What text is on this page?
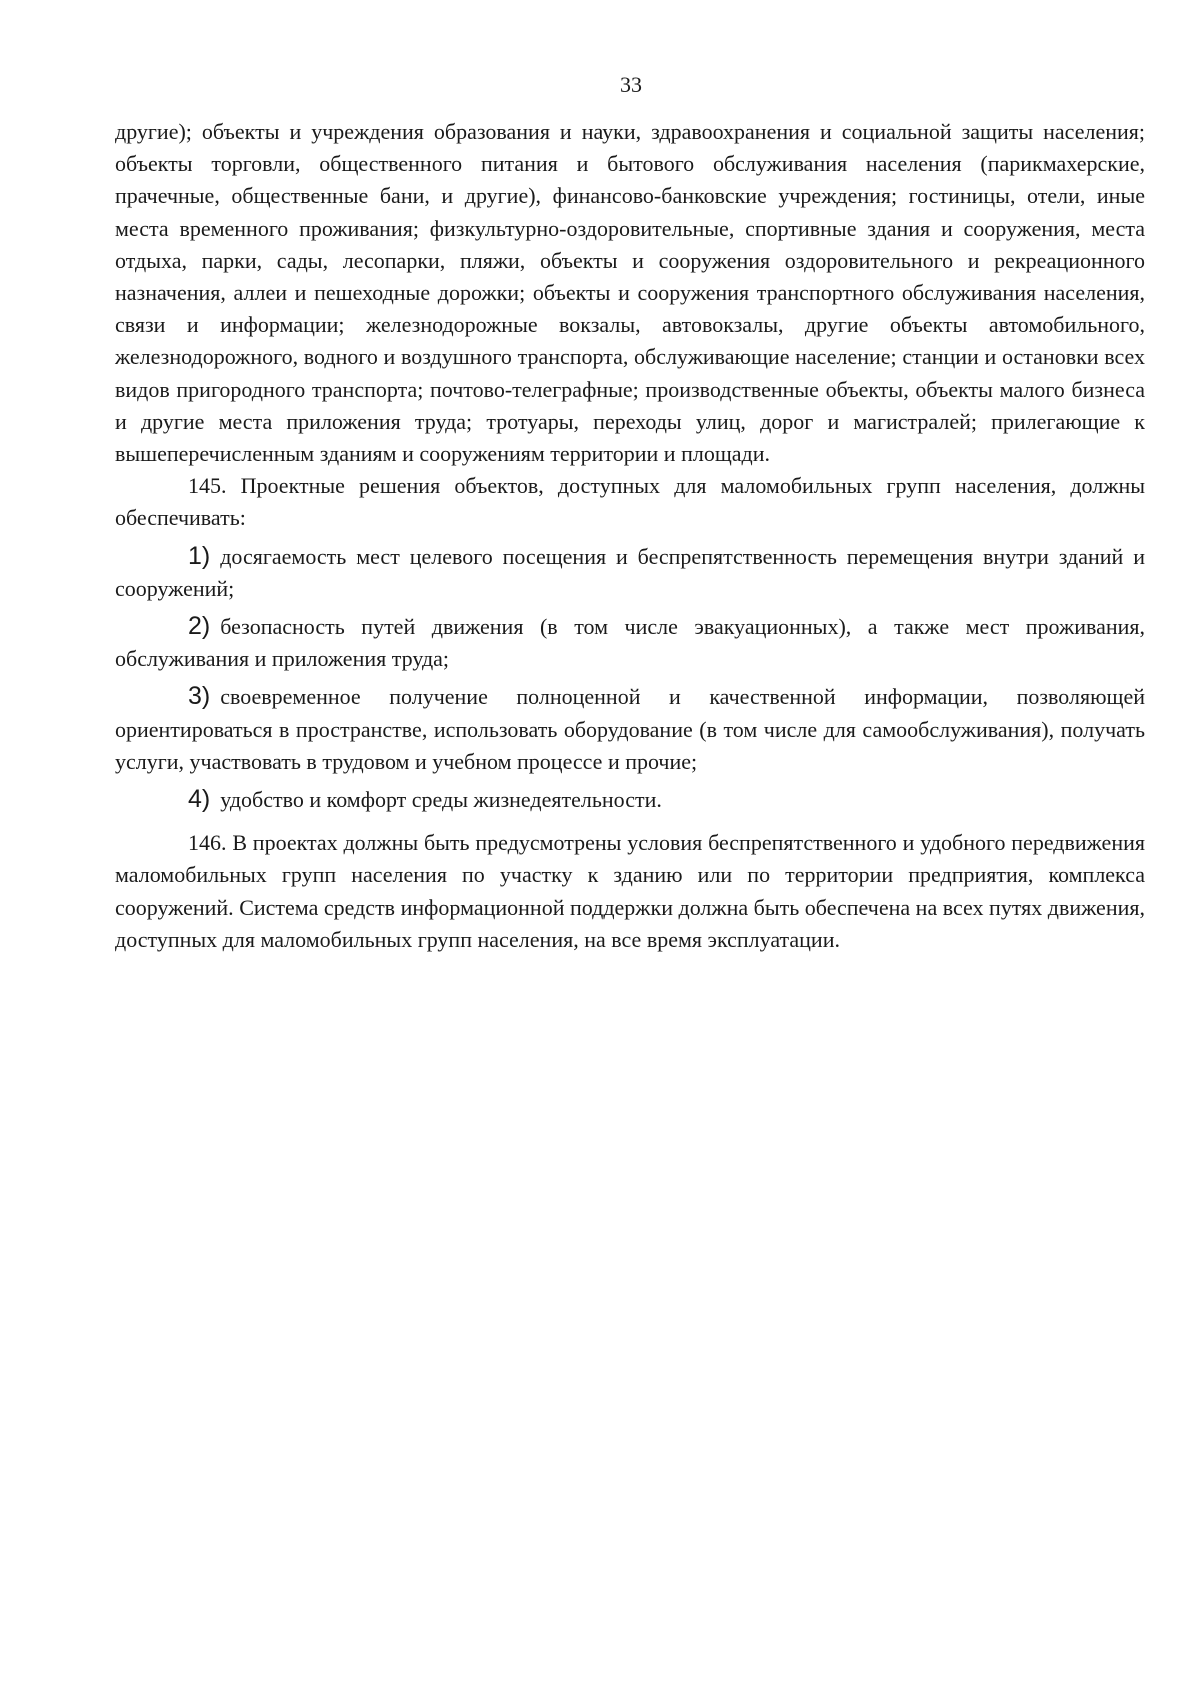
33

другие); объекты и учреждения образования и науки, здравоохранения и социальной защиты населения; объекты торговли, общественного питания и бытового обслуживания населения (парикмахерские, прачечные, общественные бани, и другие), финансово-банковские учреждения; гостиницы, отели, иные места временного проживания; физкультурно-оздоровительные, спортивные здания и сооружения, места отдыха, парки, сады, лесопарки, пляжи, объекты и сооружения оздоровительного и рекреационного назначения, аллеи и пешеходные дорожки; объекты и сооружения транспортного обслуживания населения, связи и информации; железнодорожные вокзалы, автовокзалы, другие объекты автомобильного, железнодорожного, водного и воздушного транспорта, обслуживающие население; станции и остановки всех видов пригородного транспорта; почтово-телеграфные; производственные объекты, объекты малого бизнеса и другие места приложения труда; тротуары, переходы улиц, дорог и магистралей; прилегающие к вышеперечисленным зданиям и сооружениям территории и площади.

145. Проектные решения объектов, доступных для маломобильных групп населения, должны обеспечивать:

1) досягаемость мест целевого посещения и беспрепятственность перемещения внутри зданий и сооружений;

2) безопасность путей движения (в том числе эвакуационных), а также мест проживания, обслуживания и приложения труда;

3) своевременное получение полноценной и качественной информации, позволяющей ориентироваться в пространстве, использовать оборудование (в том числе для самообслуживания), получать услуги, участвовать в трудовом и учебном процессе и прочие;

4) удобство и комфорт среды жизнедеятельности.

146. В проектах должны быть предусмотрены условия беспрепятственного и удобного передвижения маломобильных групп населения по участку к зданию или по территории предприятия, комплекса сооружений. Система средств информационной поддержки должна быть обеспечена на всех путях движения, доступных для маломобильных групп населения, на все время эксплуатации.
